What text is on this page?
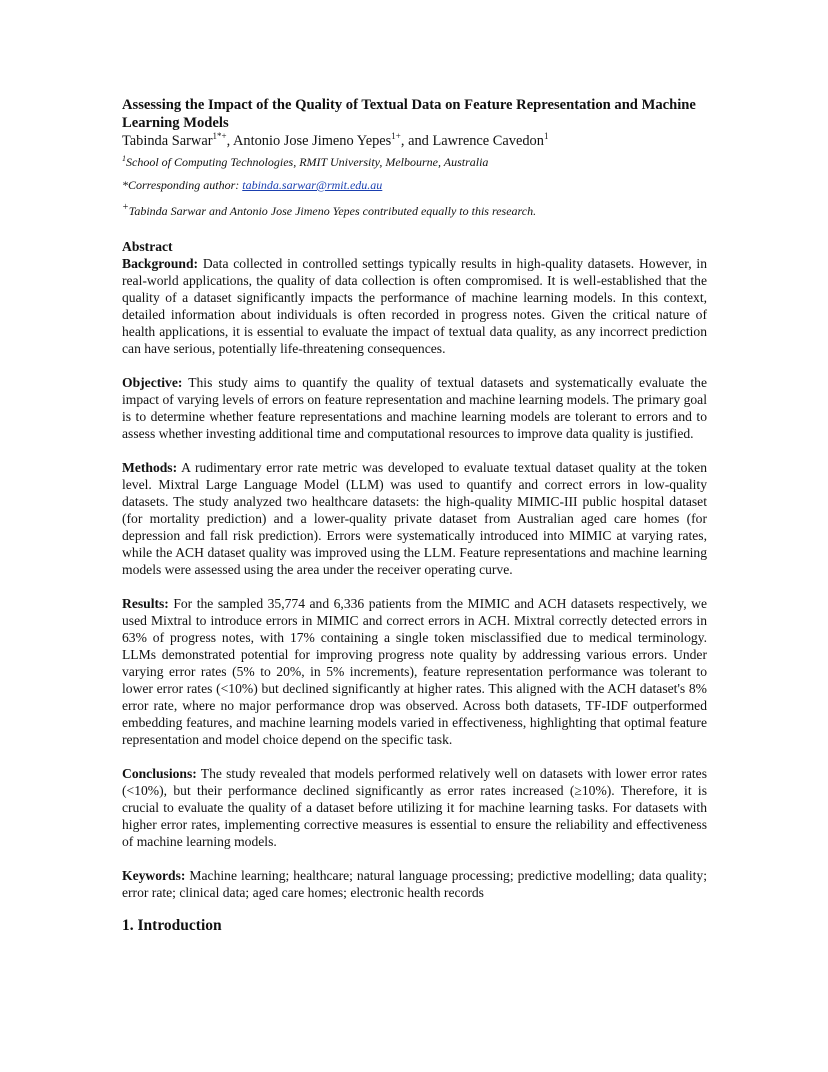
Assessing the Impact of the Quality of Textual Data on Feature Representation and Machine Learning Models

Tabinda Sarwar$^{1*+}$, Antonio Jose Jimeno Yepes$^{1+}$, and Lawrence Cavedon$^1$

$^1$School of Computing Technologies, RMIT University, Melbourne, Australia

*Corresponding author: tabinda.sarwar@rmit.edu.au

+Tabinda Sarwar and Antonio Jose Jimeno Yepes contributed equally to this research.

Abstract

Background: Data collected in controlled settings typically results in high-quality datasets. However, in real-world applications, the quality of data collection is often compromised. It is well-established that the quality of a dataset significantly impacts the performance of machine learning models. In this context, detailed information about individuals is often recorded in progress notes. Given the critical nature of health applications, it is essential to evaluate the impact of textual data quality, as any incorrect prediction can have serious, potentially life-threatening consequences.

Objective: This study aims to quantify the quality of textual datasets and systematically evaluate the impact of varying levels of errors on feature representation and machine learning models. The primary goal is to determine whether feature representations and machine learning models are tolerant to errors and to assess whether investing additional time and computational resources to improve data quality is justified.

Methods: A rudimentary error rate metric was developed to evaluate textual dataset quality at the token level. Mixtral Large Language Model (LLM) was used to quantify and correct errors in low-quality datasets. The study analyzed two healthcare datasets: the high-quality MIMIC-III public hospital dataset (for mortality prediction) and a lower-quality private dataset from Australian aged care homes (for depression and fall risk prediction). Errors were systematically introduced into MIMIC at varying rates, while the ACH dataset quality was improved using the LLM. Feature representations and machine learning models were assessed using the area under the receiver operating curve.

Results: For the sampled 35,774 and 6,336 patients from the MIMIC and ACH datasets respectively, we used Mixtral to introduce errors in MIMIC and correct errors in ACH. Mixtral correctly detected errors in 63% of progress notes, with 17% containing a single token misclassified due to medical terminology. LLMs demonstrated potential for improving progress note quality by addressing various errors. Under varying error rates (5% to 20%, in 5% increments), feature representation performance was tolerant to lower error rates (<10%) but declined significantly at higher rates. This aligned with the ACH dataset's 8% error rate, where no major performance drop was observed. Across both datasets, TF-IDF outperformed embedding features, and machine learning models varied in effectiveness, highlighting that optimal feature representation and model choice depend on the specific task.

Conclusions: The study revealed that models performed relatively well on datasets with lower error rates (<10%), but their performance declined significantly as error rates increased (≥10%). Therefore, it is crucial to evaluate the quality of a dataset before utilizing it for machine learning tasks. For datasets with higher error rates, implementing corrective measures is essential to ensure the reliability and effectiveness of machine learning models.

Keywords: Machine learning; healthcare; natural language processing; predictive modelling; data quality; error rate; clinical data; aged care homes; electronic health records

1. Introduction
